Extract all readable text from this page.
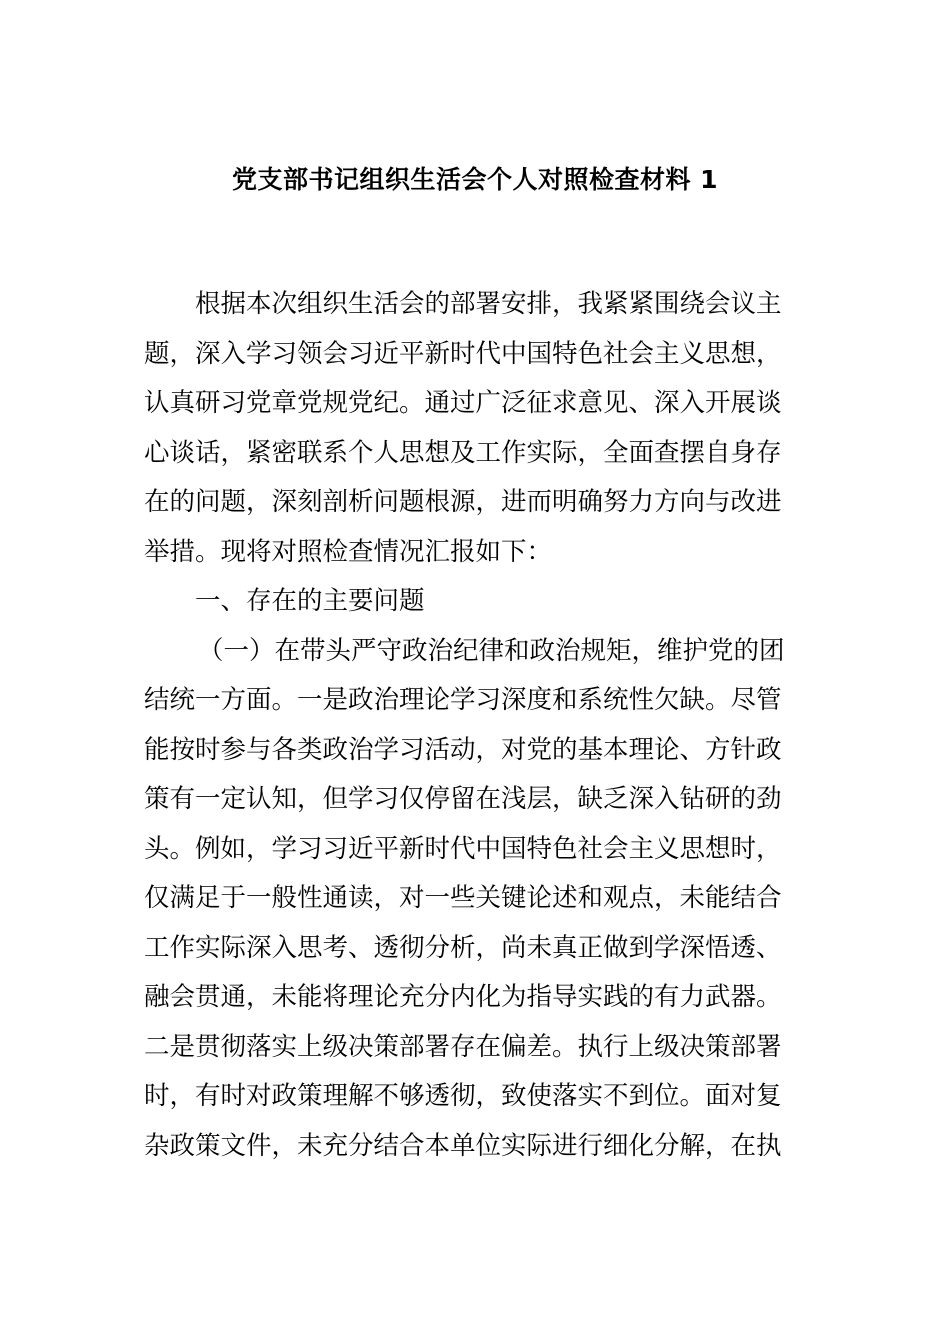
党支部书记组织生活会个人对照检查材料 1
根据本次组织生活会的部署安排，我紧紧围绕会议主
题，深入学习领会习近平新时代中国特色社会主义思想，
认真研习党章党规党纪。通过广泛征求意见、深入开展谈
心谈话，紧密联系个人思想及工作实际，全面查摆自身存
在的问题，深刻剖析问题根源，进而明确努力方向与改进
举措。现将对照检查情况汇报如下：
一、存在的主要问题
（一）在带头严守政治纪律和政治规矩，维护党的团
结统一方面。一是政治理论学习深度和系统性欠缺。尽管
能按时参与各类政治学习活动，对党的基本理论、方针政
策有一定认知，但学习仅停留在浅层，缺乏深入钻研的劲
头。例如，学习习近平新时代中国特色社会主义思想时，
仅满足于一般性通读，对一些关键论述和观点，未能结合
工作实际深入思考、透彻分析，尚未真正做到学深悟透、
融会贯通，未能将理论充分内化为指导实践的有力武器。
二是贯彻落实上级决策部署存在偏差。执行上级决策部署
时，有时对政策理解不够透彻，致使落实不到位。面对复
杂政策文件，未充分结合本单位实际进行细化分解，在执
